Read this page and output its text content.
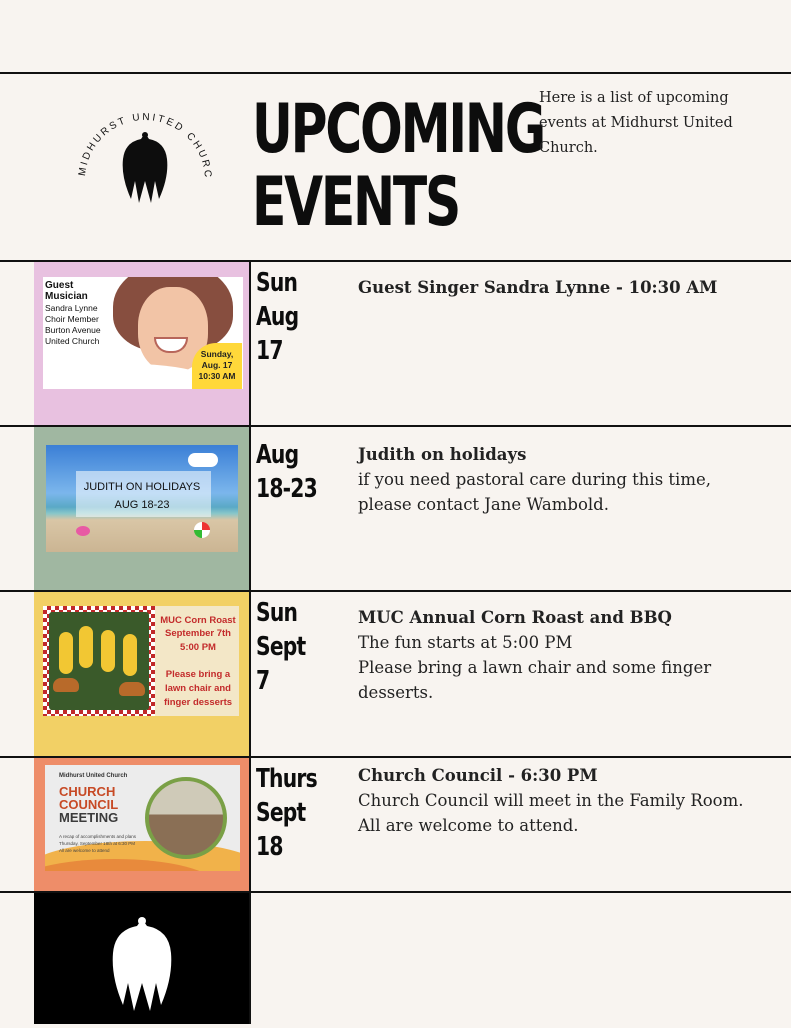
MIDHURST UNITED CHURC
UPCOMING
EVENTS
Here is a list of upcoming events at Midhurst United Church.
Guest
Musician
Sandra Lynne
Choir Member
Burton Avenue
United Church
Sunday,
Aug. 17
10:30 AM
Sun
Aug
17
Guest Singer Sandra Lynne - 10:30 AM
JUDITH ON HOLIDAYS
AUG 18-23
Aug
18-23
Judith on holidays
if you need pastoral care during this time, please contact Jane Wambold.
MUC Corn Roast
September 7th
5:00 PM
Please bring a
lawn chair and
finger desserts
Sun
Sept
7
MUC Annual Corn Roast and BBQ
The fun starts at 5:00 PM
Please bring a lawn chair and some finger desserts.
Midhurst United Church
CHURCH
COUNCIL
MEETING
A recap of accomplishments and plans
Thursday, September 18th at 6:30 PM
All are welcome to attend
Thurs
Sept
18
Church Council - 6:30 PM
Church Council will meet in the Family Room.
All are welcome to attend.
